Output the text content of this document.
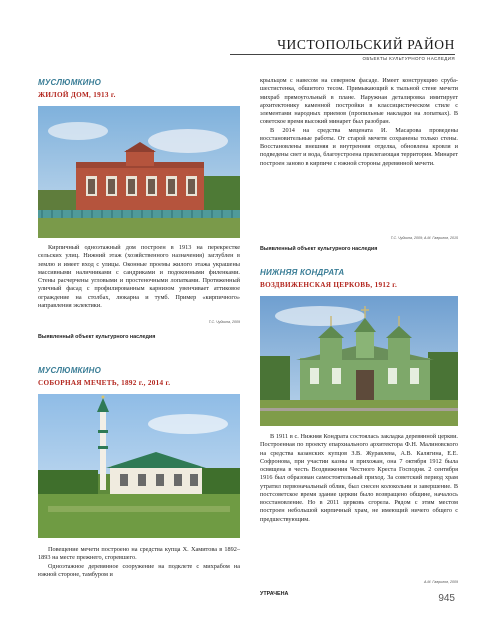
ЧИСТОПОЛЬСКИЙ РАЙОН
ОБЪЕКТЫ КУЛЬТУРНОГО НАСЛЕДИЯ
МУСЛЮМКИНО
ЖИЛОЙ ДОМ, 1913 г.

Кирпичный одноэтажный дом построен в 1913 на перекрестке сельских улиц. Нижний этаж (хозяйственного назначения) заглублен в землю и имеет вход с улицы. Оконные проемы жилого этажа украшены массивными наличниками с сандриками и подоконными филенками. Стены расчерчены угловыми и простеночными лопатками. Протяженный уличный фасад с профилированным карнизом увенчивает аттиковое ограждение на столбах, люкарна и тумб. Пример «кирпичного» направления эклектики.

Т.С. Чуйкина, 2009
Выявленный объект культурного наследия

крыльцом с навесом на северном фасаде. Имеет конструкцию сруба-шестистенка, обшитого тесом. Примыкающий к тыльной стене мечети михраб прямоугольный в плане. Наружная деталировка имитирует архитектонику каменной постройки в классицистическом стиле с элементами народных приемов (пропильные накладки на лопатках). В советское время высокий минарет был разобран.

В 2014 на средства мецената И. Масарова проведены восстановительные работы. От старой мечети сохранены только стены. Восстановлены внешняя и внутренняя отделка, обновлена кровля и подведены свет и вода, благоустроена прилегающая территория. Минарет построен заново в кирпиче с южной стороны деревянной мечети.

Т.С. Чуйкина, 2009; А.М. Гаврилов, 2015
Выявленный объект культурного наследия
НИЖНЯЯ КОНДРАТА
ВОЗДВИЖЕНСКАЯ ЦЕРКОВЬ, 1912 г.

В 1911 в с. Нижняя Кондрата состоялась закладка деревянной церкви. Построенная по проекту епархиального архитектора Ф.Н. Малиновского на средства казанских купцов З.В. Журавлева, А.В. Калягина, Е.Е. Софроновa, при участии казны и прихожан, она 7 октября 1912 была освящена в честь Воздвижения Честного Креста Господня. 2 сентября 1916 был образован самостоятельный приход. За советский период храм утратил первоначальный облик, был снесен колокольни и завершение. В постсоветское время здание церкви было возвращено общине, началось восстановление. Но в 2011 церковь сгорела. Рядом с этим местом построен небольшой кирпичный храм, не имеющий ничего общего с предшествующим.

А.М. Гаврилов, 2009
УТРАЧЕНА
МУСЛЮМКИНО
СОБОРНАЯ МЕЧЕТЬ, 1892 г., 2014 г.

Повещение мечети построено на средства купца Х. Хамитова в 1892–1893 на месте прежнего, сгоревшего.

Одноэтажное деревянное сооружение на подклете с михрабом на южной стороне, тамбуром и

945
